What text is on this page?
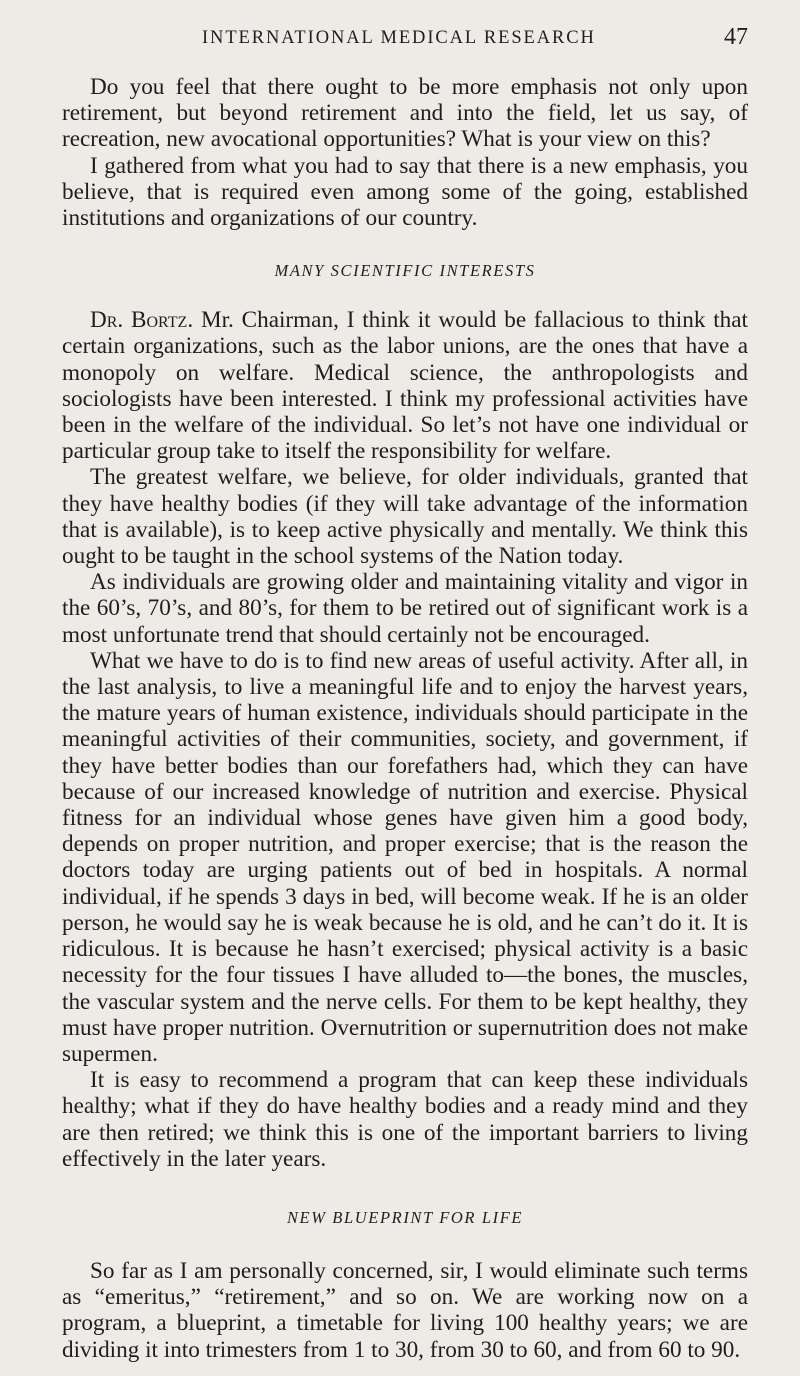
INTERNATIONAL MEDICAL RESEARCH	47

Do you feel that there ought to be more emphasis not only upon retirement, but beyond retirement and into the field, let us say, of recreation, new avocational opportunities? What is your view on this?

I gathered from what you had to say that there is a new emphasis, you believe, that is required even among some of the going, established institutions and organizations of our country.

MANY SCIENTIFIC INTERESTS

Dr. Bortz. Mr. Chairman, I think it would be fallacious to think that certain organizations, such as the labor unions, are the ones that have a monopoly on welfare. Medical science, the anthropologists and sociologists have been interested. I think my professional activities have been in the welfare of the individual. So let’s not have one individual or particular group take to itself the responsibility for welfare.

The greatest welfare, we believe, for older individuals, granted that they have healthy bodies (if they will take advantage of the information that is available), is to keep active physically and mentally. We think this ought to be taught in the school systems of the Nation today.

As individuals are growing older and maintaining vitality and vigor in the 60’s, 70’s, and 80’s, for them to be retired out of significant work is a most unfortunate trend that should certainly not be encouraged.

What we have to do is to find new areas of useful activity. After all, in the last analysis, to live a meaningful life and to enjoy the harvest years, the mature years of human existence, individuals should participate in the meaningful activities of their communities, society, and government, if they have better bodies than our forefathers had, which they can have because of our increased knowledge of nutrition and exercise. Physical fitness for an individual whose genes have given him a good body, depends on proper nutrition, and proper exercise; that is the reason the doctors today are urging patients out of bed in hospitals. A normal individual, if he spends 3 days in bed, will become weak. If he is an older person, he would say he is weak because he is old, and he can’t do it. It is ridiculous. It is because he hasn’t exercised; physical activity is a basic necessity for the four tissues I have alluded to—the bones, the muscles, the vascular system and the nerve cells. For them to be kept healthy, they must have proper nutrition. Overnutrition or supernutrition does not make supermen.

It is easy to recommend a program that can keep these individuals healthy; what if they do have healthy bodies and a ready mind and they are then retired; we think this is one of the important barriers to living effectively in the later years.

NEW BLUEPRINT FOR LIFE

So far as I am personally concerned, sir, I would eliminate such terms as “emeritus,” “retirement,” and so on. We are working now on a program, a blueprint, a timetable for living 100 healthy years; we are dividing it into trimesters from 1 to 30, from 30 to 60, and from 60 to 90.
